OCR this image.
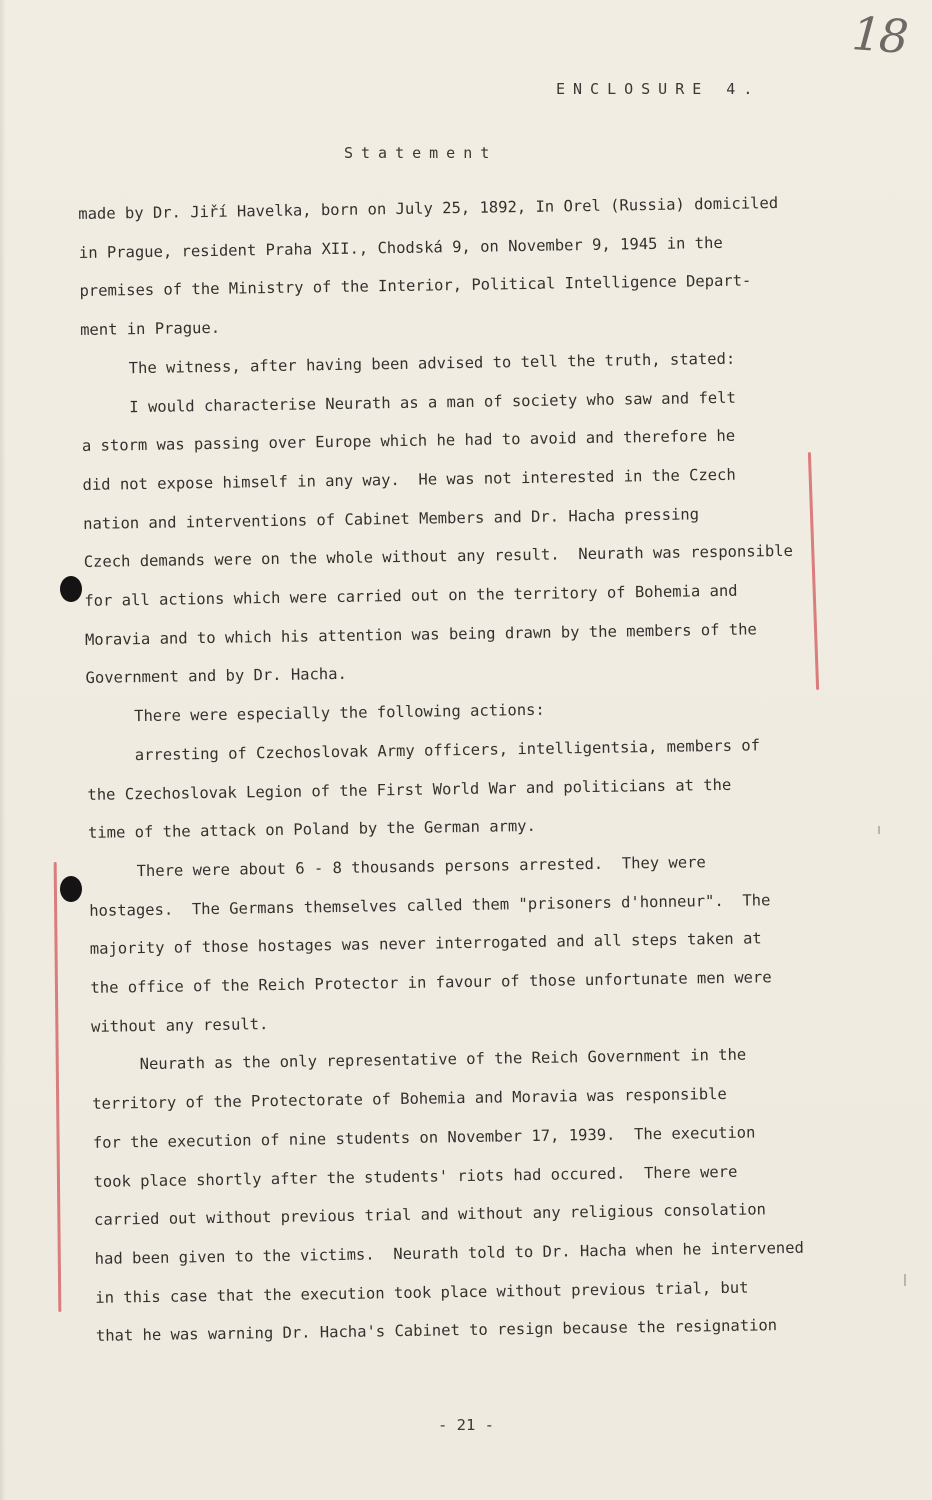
18
ENCLOSURE 4.
Statement
made by Dr. Jiří Havelka, born on July 25, 1892, In Orel (Russia) domiciled
in Prague, resident Praha XII., Chodská 9, on November 9, 1945 in the
premises of the Ministry of the Interior, Political Intelligence Depart-
ment in Prague.
The witness, after having been advised to tell the truth, stated:
I would characterise Neurath as a man of society who saw and felt
a storm was passing over Europe which he had to avoid and therefore he
did not expose himself in any way.  He was not interested in the Czech
nation and interventions of Cabinet Members and Dr. Hacha pressing
Czech demands were on the whole without any result.  Neurath was responsible
for all actions which were carried out on the territory of Bohemia and
Moravia and to which his attention was being drawn by the members of the
Government and by Dr. Hacha.
There were especially the following actions:
arresting of Czechoslovak Army officers, intelligentsia, members of
the Czechoslovak Legion of the First World War and politicians at the
time of the attack on Poland by the German army.
There were about 6 - 8 thousands persons arrested.  They were
hostages.  The Germans themselves called them "prisoners d'honneur".  The
majority of those hostages was never interrogated and all steps taken at
the office of the Reich Protector in favour of those unfortunate men were
without any result.
Neurath as the only representative of the Reich Government in the
territory of the Protectorate of Bohemia and Moravia was responsible
for the execution of nine students on November 17, 1939.  The execution
took place shortly after the students' riots had occured.  There were
carried out without previous trial and without any religious consolation
had been given to the victims.  Neurath told to Dr. Hacha when he intervened
in this case that the execution took place without previous trial, but
that he was warning Dr. Hacha's Cabinet to resign because the resignation
- 21 -
